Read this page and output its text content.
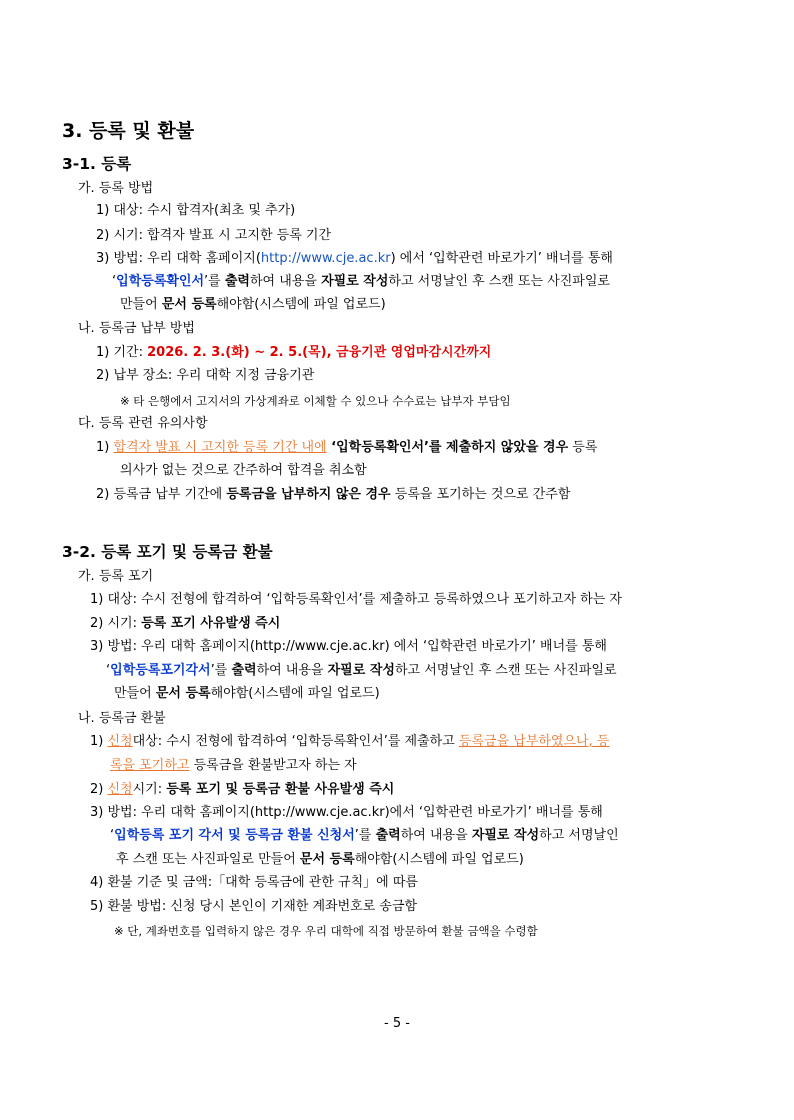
3. 등록 및 환불
3-1. 등록
가. 등록 방법
1) 대상: 수시 합격자(최초 및 추가)
2) 시기: 합격자 발표 시 고지한 등록 기간
3) 방법: 우리 대학 홈페이지(http://www.cje.ac.kr) 에서 ‘입학관련 바로가기’ 배너를 통해
‘입학등록확인서’를 출력하여 내용을 자필로 작성하고 서명날인 후 스캔 또는 사진파일로
만들어 문서 등록해야함(시스템에 파일 업로드)
나. 등록금 납부 방법
1) 기간: 2026. 2. 3.(화) ~ 2. 5.(목), 금융기관 영업마감시간까지
2) 납부 장소: 우리 대학 지정 금융기관
※ 타 은행에서 고지서의 가상계좌로 이체할 수 있으나 수수료는 납부자 부담임
다. 등록 관련 유의사항
1) 합격자 발표 시 고지한 등록 기간 내에 ‘입학등록확인서’를 제출하지 않았을 경우 등록
의사가 없는 것으로 간주하여 합격을 취소함
2) 등록금 납부 기간에 등록금을 납부하지 않은 경우 등록을 포기하는 것으로 간주함
3-2. 등록 포기 및 등록금 환불
가. 등록 포기
1) 대상: 수시 전형에 합격하여 ‘입학등록확인서’를 제출하고 등록하였으나 포기하고자 하는 자
2) 시기: 등록 포기 사유발생 즉시
3) 방법: 우리 대학 홈페이지(http://www.cje.ac.kr) 에서 ‘입학관련 바로가기’ 배너를 통해
‘입학등록포기각서’를 출력하여 내용을 자필로 작성하고 서명날인 후 스캔 또는 사진파일로
만들어 문서 등록해야함(시스템에 파일 업로드)
나. 등록금 환불
1) 신청대상: 수시 전형에 합격하여 ‘입학등록확인서’를 제출하고 등록금을 납부하였으나, 등
록을 포기하고 등록금을 환불받고자 하는 자
2) 신청시기: 등록 포기 및 등록금 환불 사유발생 즉시
3) 방법: 우리 대학 홈페이지(http://www.cje.ac.kr)에서 ‘입학관련 바로가기’ 배너를 통해
‘입학등록 포기 각서 및 등록금 환불 신청서’를 출력하여 내용을 자필로 작성하고 서명날인
후 스캔 또는 사진파일로 만들어 문서 등록해야함(시스템에 파일 업로드)
4) 환불 기준 및 금액:「대학 등록금에 관한 규칙」에 따름
5) 환불 방법: 신청 당시 본인이 기재한 계좌번호로 송금함
※ 단, 계좌번호를 입력하지 않은 경우 우리 대학에 직접 방문하여 환불 금액을 수령함
- 5 -
